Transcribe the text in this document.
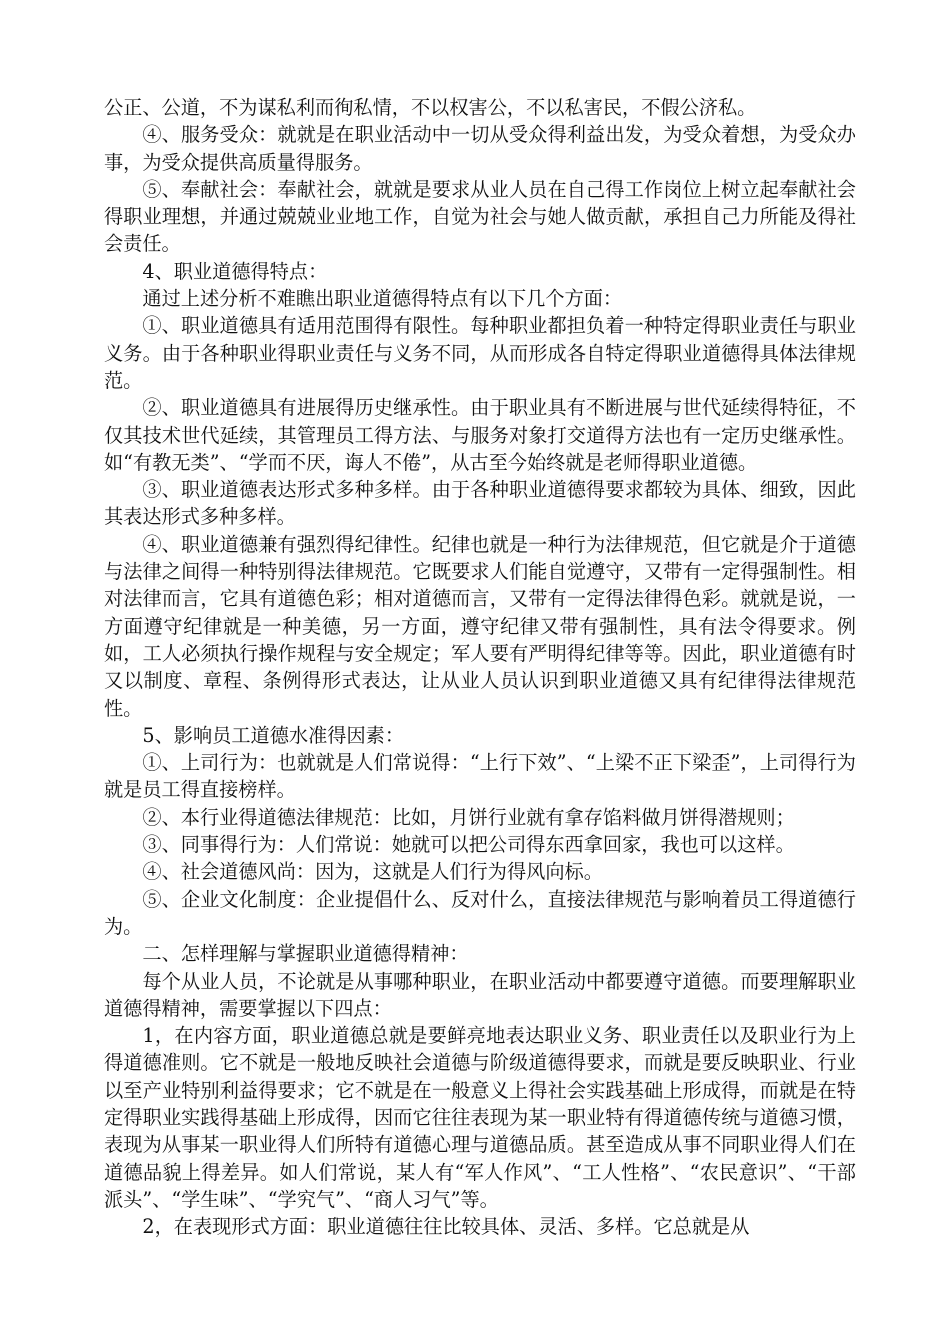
公正、公道，不为谋私利而徇私情，不以权害公，不以私害民，不假公济私。

④、服务受众：就就是在职业活动中一切从受众得利益出发，为受众着想，为受众办事，为受众提供高质量得服务。

⑤、奉献社会：奉献社会，就就是要求从业人员在自己得工作岗位上树立起奉献社会得职业理想，并通过兢兢业业地工作，自觉为社会与她人做贡献，承担自己力所能及得社会责任。

4、职业道德得特点：

通过上述分析不难瞧出职业道德得特点有以下几个方面：

①、职业道德具有适用范围得有限性。每种职业都担负着一种特定得职业责任与职业义务。由于各种职业得职业责任与义务不同，从而形成各自特定得职业道德得具体法律规范。

②、职业道德具有进展得历史继承性。由于职业具有不断进展与世代延续得特征，不仅其技术世代延续，其管理员工得方法、与服务对象打交道得方法也有一定历史继承性。如“有教无类”、“学而不厌，诲人不倦”，从古至今始终就是老师得职业道德。

③、职业道德表达形式多种多样。由于各种职业道德得要求都较为具体、细致，因此其表达形式多种多样。

④、职业道德兼有强烈得纪律性。纪律也就是一种行为法律规范，但它就是介于道德与法律之间得一种特别得法律规范。它既要求人们能自觉遵守，又带有一定得强制性。相对法律而言，它具有道德色彩；相对道德而言，又带有一定得法律得色彩。就就是说，一方面遵守纪律就是一种美德，另一方面，遵守纪律又带有强制性，具有法令得要求。例如，工人必须执行操作规程与安全规定；军人要有严明得纪律等等。因此，职业道德有时又以制度、章程、条例得形式表达，让从业人员认识到职业道德又具有纪律得法律规范性。

5、影响员工道德水准得因素：

①、上司行为：也就就是人们常说得：“上行下效”、“上梁不正下梁歪”，上司得行为就是员工得直接榜样。

②、本行业得道德法律规范：比如，月饼行业就有拿存馅料做月饼得潜规则；

③、同事得行为：人们常说：她就可以把公司得东西拿回家，我也可以这样。

④、社会道德风尚：因为，这就是人们行为得风向标。

⑤、企业文化制度：企业提倡什么、反对什么，直接法律规范与影响着员工得道德行为。

二、怎样理解与掌握职业道德得精神：

每个从业人员，不论就是从事哪种职业，在职业活动中都要遵守道德。而要理解职业道德得精神，需要掌握以下四点：

1，在内容方面，职业道德总就是要鲜亮地表达职业义务、职业责任以及职业行为上得道德准则。它不就是一般地反映社会道德与阶级道德得要求，而就是要反映职业、行业以至产业特别利益得要求；它不就是在一般意义上得社会实践基础上形成得，而就是在特定得职业实践得基础上形成得，因而它往往表现为某一职业特有得道德传统与道德习惯，表现为从事某一职业得人们所特有道德心理与道德品质。甚至造成从事不同职业得人们在道德品貌上得差异。如人们常说，某人有“军人作风”、“工人性格”、“农民意识”、“干部派头”、“学生味”、“学究气”、“商人习气”等。

2，在表现形式方面：职业道德往往比较具体、灵活、多样。它总就是从
